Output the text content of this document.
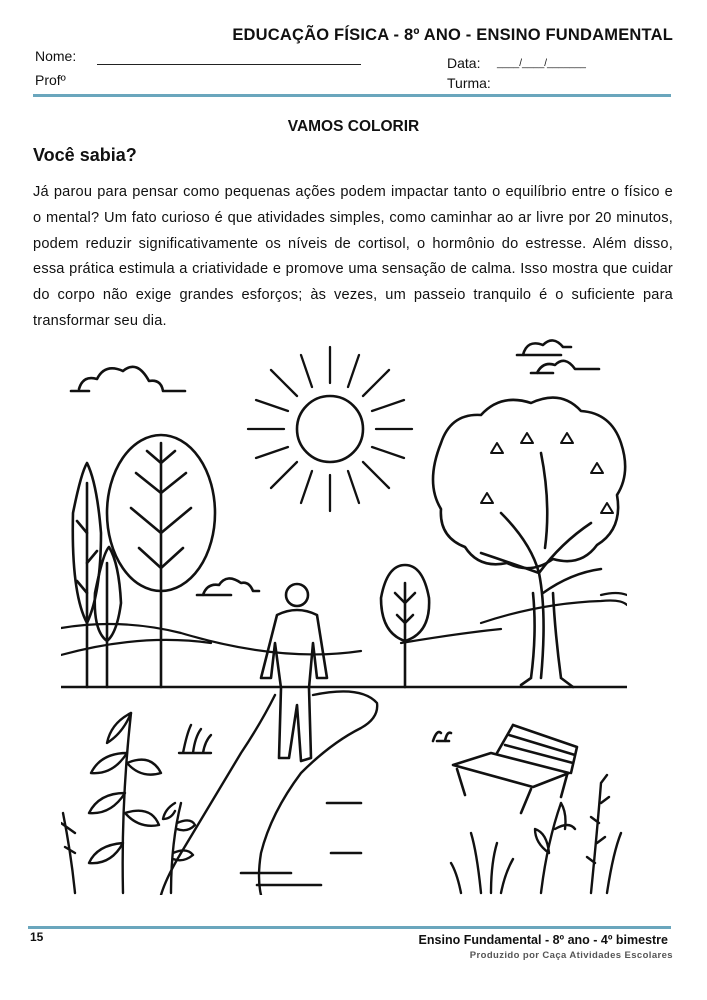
EDUCAÇÃO FÍSICA - 8º ANO - ENSINO FUNDAMENTAL
Nome:
Profº
Data: ____/____/_______
Turma:
VAMOS COLORIR
Você sabia?
Já parou para pensar como pequenas ações podem impactar tanto o equilíbrio entre o físico e o mental? Um fato curioso é que atividades simples, como caminhar ao ar livre por 20 minutos, podem reduzir significativamente os níveis de cortisol, o hormônio do estresse. Além disso, essa prática estimula a criatividade e promove uma sensação de calma. Isso mostra que cuidar do corpo não exige grandes esforços; às vezes, um passeio tranquilo é o suficiente para transformar seu dia.
15	Ensino Fundamental - 8º ano - 4º bimestre
Produzido por Caça Atividades Escolares
